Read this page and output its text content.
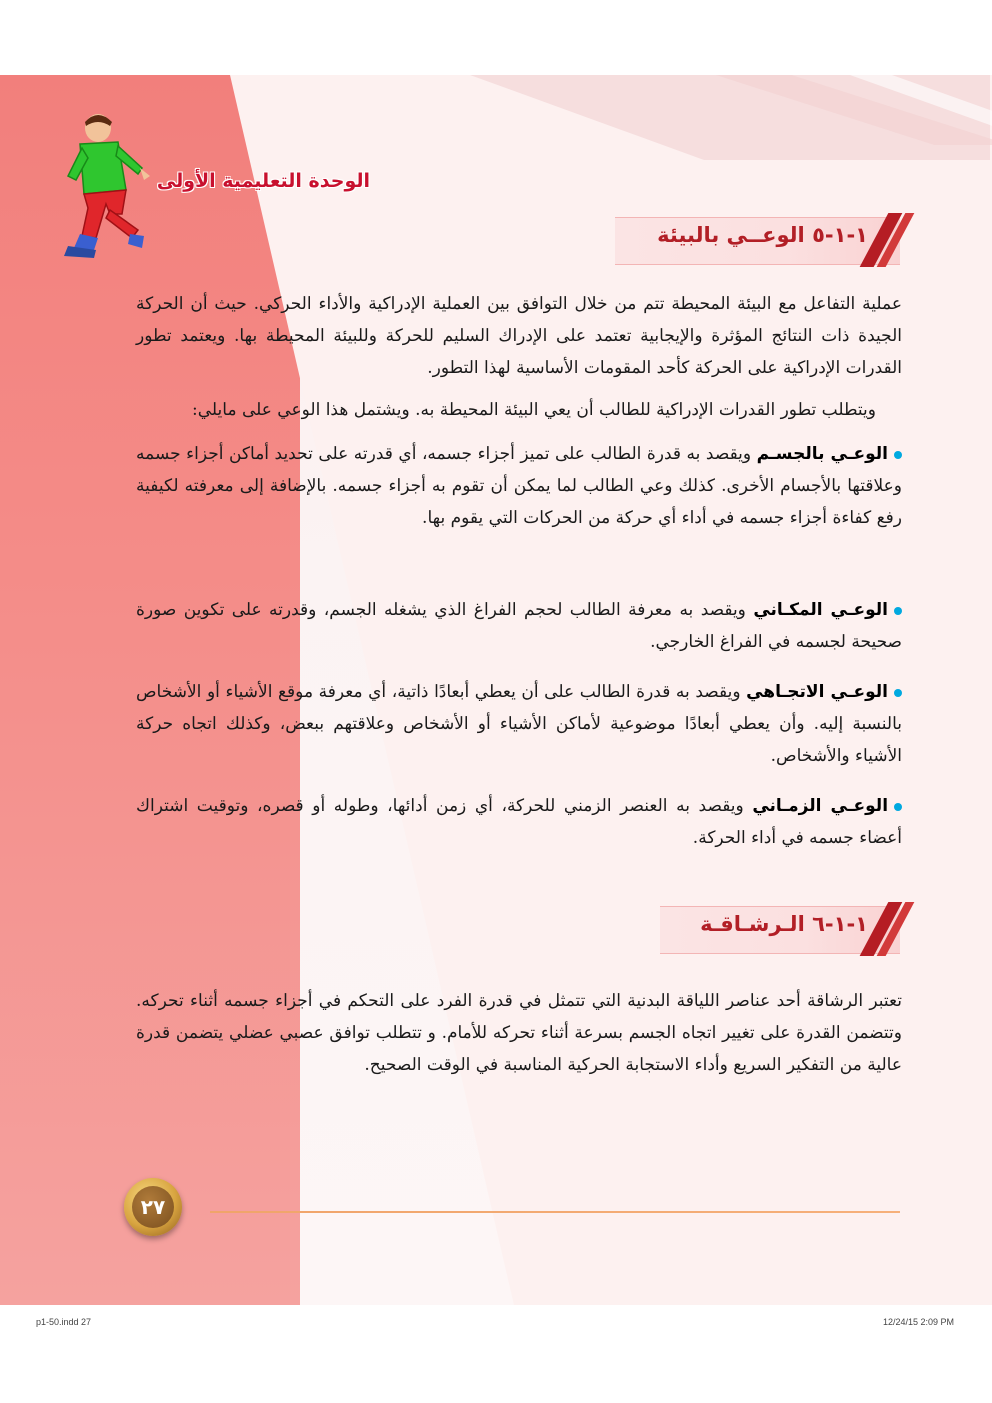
الوحدة التعليمية الأولى
١-١-٥ الوعــي بالبيئة
عملية التفاعل مع البيئة المحيطة تتم من خلال التوافق بين العملية الإدراكية والأداء الحركي. حيث أن الحركة الجيدة ذات النتائج المؤثرة والإيجابية تعتمد على الإدراك السليم للحركة وللبيئة المحيطة بها. ويعتمد تطور القدرات الإدراكية على الحركة كأحد المقومات الأساسية لهذا التطور.
ويتطلب تطور القدرات الإدراكية للطالب أن يعي البيئة المحيطة به. ويشتمل هذا الوعي على مايلي:
الوعـي بالجسـم ويقصد به قدرة الطالب على تميز أجزاء جسمه، أي قدرته على تحديد أماكن أجزاء جسمه وعلاقتها بالأجسام الأخرى. كذلك وعي الطالب لما يمكن أن تقوم به أجزاء جسمه. بالإضافة إلى معرفته لكيفية رفع كفاءة أجزاء جسمه في أداء أي حركة من الحركات التي يقوم بها.
الوعـي المكـاني ويقصد به معرفة الطالب لحجم الفراغ الذي يشغله الجسم، وقدرته على تكوين صورة صحيحة لجسمه في الفراغ الخارجي.
الوعـي الاتجـاهي ويقصد به قدرة الطالب على أن يعطي أبعادًا ذاتية، أي معرفة موقع الأشياء أو الأشخاص بالنسبة إليه. وأن يعطي أبعادًا موضوعية لأماكن الأشياء أو الأشخاص وعلاقتهم ببعض، وكذلك اتجاه حركة الأشياء والأشخاص.
الوعـي الزمـاني ويقصد به العنصر الزمني للحركة، أي زمن أدائها، وطوله أو قصره، وتوقيت اشتراك أعضاء جسمه في أداء الحركة.
١-١-٦ الـرشـاقـة
تعتبر الرشاقة أحد عناصر اللياقة البدنية التي تتمثل في قدرة الفرد على التحكم في أجزاء جسمه أثناء تحركه. وتتضمن القدرة على تغيير اتجاه الجسم بسرعة أثناء تحركه للأمام. و تتطلب توافق عصبي عضلي يتضمن قدرة عالية من التفكير السريع وأداء الاستجابة الحركية المناسبة في الوقت الصحيح.
٢٧
p1-50.indd 27	12/24/15 2:09 PM
